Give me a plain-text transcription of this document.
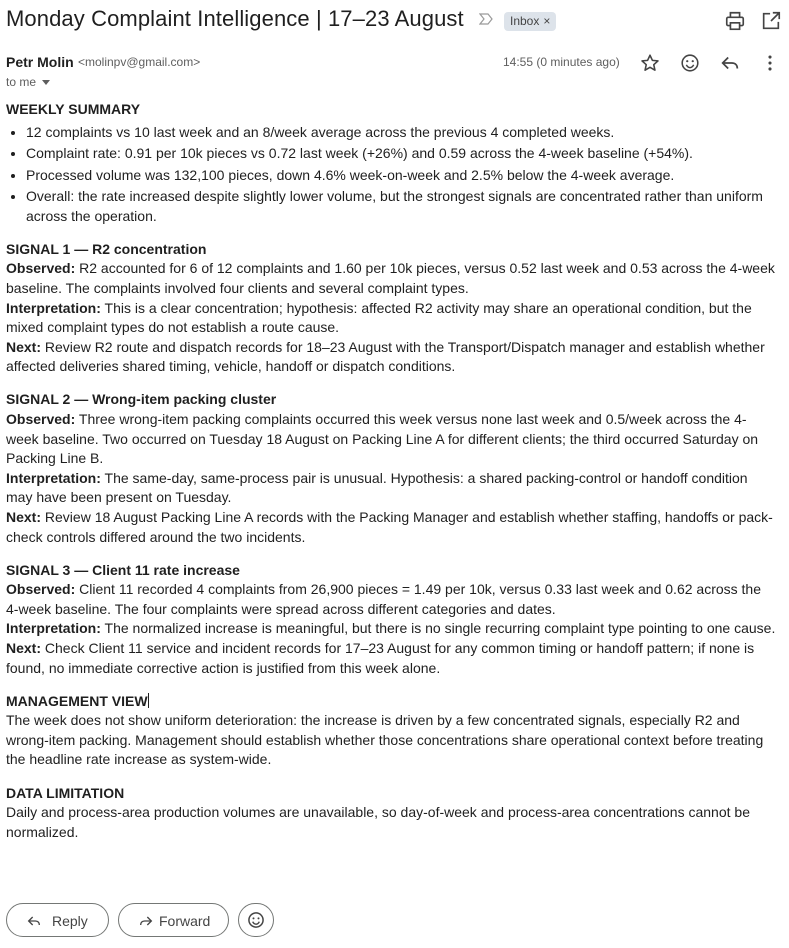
Monday Complaint Intelligence | 17–23 August	Inbox ×
Petr Molin <molinpv@gmail.com>	14:55 (0 minutes ago)
to me

WEEKLY SUMMARY

• 12 complaints vs 10 last week and an 8/week average across the previous 4 completed weeks.
• Complaint rate: 0.91 per 10k pieces vs 0.72 last week (+26%) and 0.59 across the 4-week baseline (+54%).
• Processed volume was 132,100 pieces, down 4.6% week-on-week and 2.5% below the 4-week average.
• Overall: the rate increased despite slightly lower volume, but the strongest signals are concentrated rather than uniform across the operation.

SIGNAL 1 — R2 concentration

Observed: R2 accounted for 6 of 12 complaints and 1.60 per 10k pieces, versus 0.52 last week and 0.53 across the 4-week baseline. The complaints involved four clients and several complaint types.

Interpretation: This is a clear concentration; hypothesis: affected R2 activity may share an operational condition, but the mixed complaint types do not establish a route cause.

Next: Review R2 route and dispatch records for 18–23 August with the Transport/Dispatch manager and establish whether affected deliveries shared timing, vehicle, handoff or dispatch conditions.

SIGNAL 2 — Wrong-item packing cluster

Observed: Three wrong-item packing complaints occurred this week versus none last week and 0.5/week across the 4-week baseline. Two occurred on Tuesday 18 August on Packing Line A for different clients; the third occurred Saturday on Packing Line B.

Interpretation: The same-day, same-process pair is unusual. Hypothesis: a shared packing-control or handoff condition may have been present on Tuesday.

Next: Review 18 August Packing Line A records with the Packing Manager and establish whether staffing, handoffs or pack-check controls differed around the two incidents.

SIGNAL 3 — Client 11 rate increase

Observed: Client 11 recorded 4 complaints from 26,900 pieces = 1.49 per 10k, versus 0.33 last week and 0.62 across the 4-week baseline. The four complaints were spread across different categories and dates.

Interpretation: The normalized increase is meaningful, but there is no single recurring complaint type pointing to one cause.

Next: Check Client 11 service and incident records for 17–23 August for any common timing or handoff pattern; if none is found, no immediate corrective action is justified from this week alone.

MANAGEMENT VIEW

The week does not show uniform deterioration: the increase is driven by a few concentrated signals, especially R2 and wrong-item packing. Management should establish whether those concentrations share operational context before treating the headline rate increase as system-wide.

DATA LIMITATION

Daily and process-area production volumes are unavailable, so day-of-week and process-area concentrations cannot be normalized.

Reply	Forward
